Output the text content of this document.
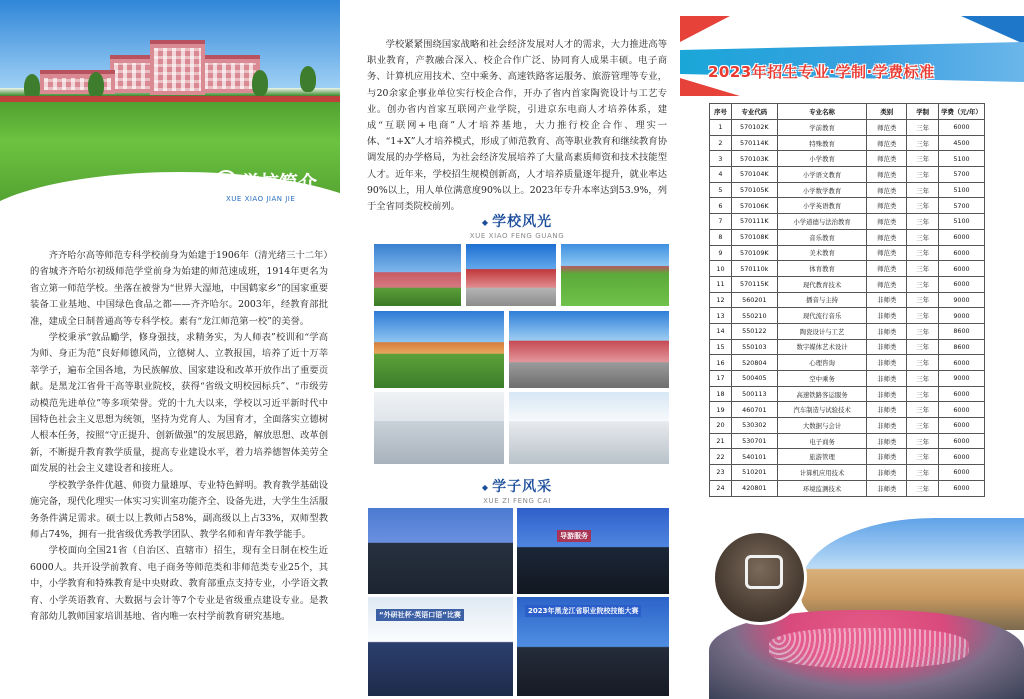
✓ 学校简介
XUE XIAO JIAN JIE

齐齐哈尔高等师范专科学校前身为始建于1906年（清光绪三十二年）的省城齐齐哈尔初级师范学堂前身为始建的师范速成班，1914年更名为省立第一师范学校。坐落在被誉为“世界大湿地，中国鹤家乡”的国家重要装备工业基地、中国绿色食品之都——齐齐哈尔。2003年，经教育部批准，建成全日制普通高等专科学校。素有“龙江师范第一校”的美誉。

学校秉承“敦品勵学，修身强技，求精务实，为人师表”校训和“学高为师、身正为范”良好师德风尚，立德树人、立教报国，培养了近十万莘莘学子，遍布全国各地，为民族解放、国家建设和改革开放作出了重要贡献。是黑龙江省骨干高等职业院校，获得“省级文明校园标兵”、“市级劳动模范先进单位”等多项荣誉。党的十九大以来，学校以习近平新时代中国特色社会主义思想为统领，坚持为党育人、为国育才，全面落实立德树人根本任务，按照“守正提升、创新做强”的发展思路，解放思想、改革创新，不断提升教育教学质量，提高专业建设水平，着力培养德智体美劳全面发展的社会主义建设者和接班人。

学校教学条件优越、师资力量雄厚、专业特色鲜明。教育教学基础设施完备，现代化理实一体实习实训室功能齐全、设备先进，大学生生活服务条件满足需求。硕士以上教师占58%，副高级以上占33%，双师型教师占74%，拥有一批省级优秀教学团队、教学名师和青年教学能手。

学校面向全国21省（自治区、直辖市）招生，现有全日制在校生近6000人。共开设学前教育、电子商务等师范类和非师范类专业25个，其中，小学教育和特殊教育是中央财政、教育部重点支持专业，小学语文教育、小学英语教育、大数据与会计等7个专业是省级重点建设专业。是教育部幼儿教师国家培训基地、省内唯一农村学前教育研究基地。

学校紧紧围绕国家战略和社会经济发展对人才的需求，大力推进高等职业教育，产教融合深入、校企合作广泛、协同育人成果丰硕。电子商务、计算机应用技术、空中乘务、高速铁路客运服务、旅游管理等专业，与20余家企事业单位实行校企合作，开办了省内首家陶瓷设计与工艺专业。创办省内首家互联网产业学院，引进京东电商人才培养体系，建成“互联网+电商”人才培养基地，大力推行校企合作、理实一体、“1+X”人才培养模式，形成了师范教育、高等职业教育和继续教育协调发展的办学格局，为社会经济发展培养了大量高素质师资和技术技能型人才。近年来，学校招生规模创新高，人才培养质量逐年提升，就业率达90%以上，用人单位满意度90%以上。2023年专升本率达到53.9%，列于全省同类院校前列。

◆ 学校风光
XUE XIAO FENG GUANG
◆ 学子风采
XUE ZI FENG CAI
导游服务
“外研社杯·英语口语”比赛	2023年黑龙江省职业院校技能大赛
2023年招生专业·学制·学费标准
序号	专业代码	专业名称	类别	学制	学费（元/年）
1	570102K	学前教育	师范类	三年	6000
2	570114K	特殊教育	师范类	三年	4500
3	570103K	小学教育	师范类	三年	5100
4	570104K	小学语文教育	师范类	三年	5700
5	570105K	小学数学教育	师范类	三年	5100
6	570106K	小学英语教育	师范类	三年	5700
7	570111K	小学道德与法治教育	师范类	三年	5100
8	570108K	音乐教育	师范类	三年	6000
9	570109K	美术教育	师范类	三年	6000
10	570110k	体育教育	师范类	三年	6000
11	570115K	现代教育技术	师范类	三年	6000
12	560201	播音与主持	非师类	三年	9000
13	550210	现代流行音乐	非师类	三年	9000
14	550122	陶瓷设计与工艺	非师类	三年	8600
15	550103	数字媒体艺术设计	非师类	三年	8600
16	520804	心理咨询	非师类	三年	6000
17	500405	空中乘务	非师类	三年	9000
18	500113	高速铁路客运服务	非师类	三年	6000
19	460701	汽车制造与试验技术	非师类	三年	6000
20	530302	大数据与会计	非师类	三年	6000
21	530701	电子商务	非师类	三年	6000
22	540101	旅游管理	非师类	三年	6000
23	510201	计算机应用技术	非师类	三年	6000
24	420801	环境监测技术	非师类	三年	6000
